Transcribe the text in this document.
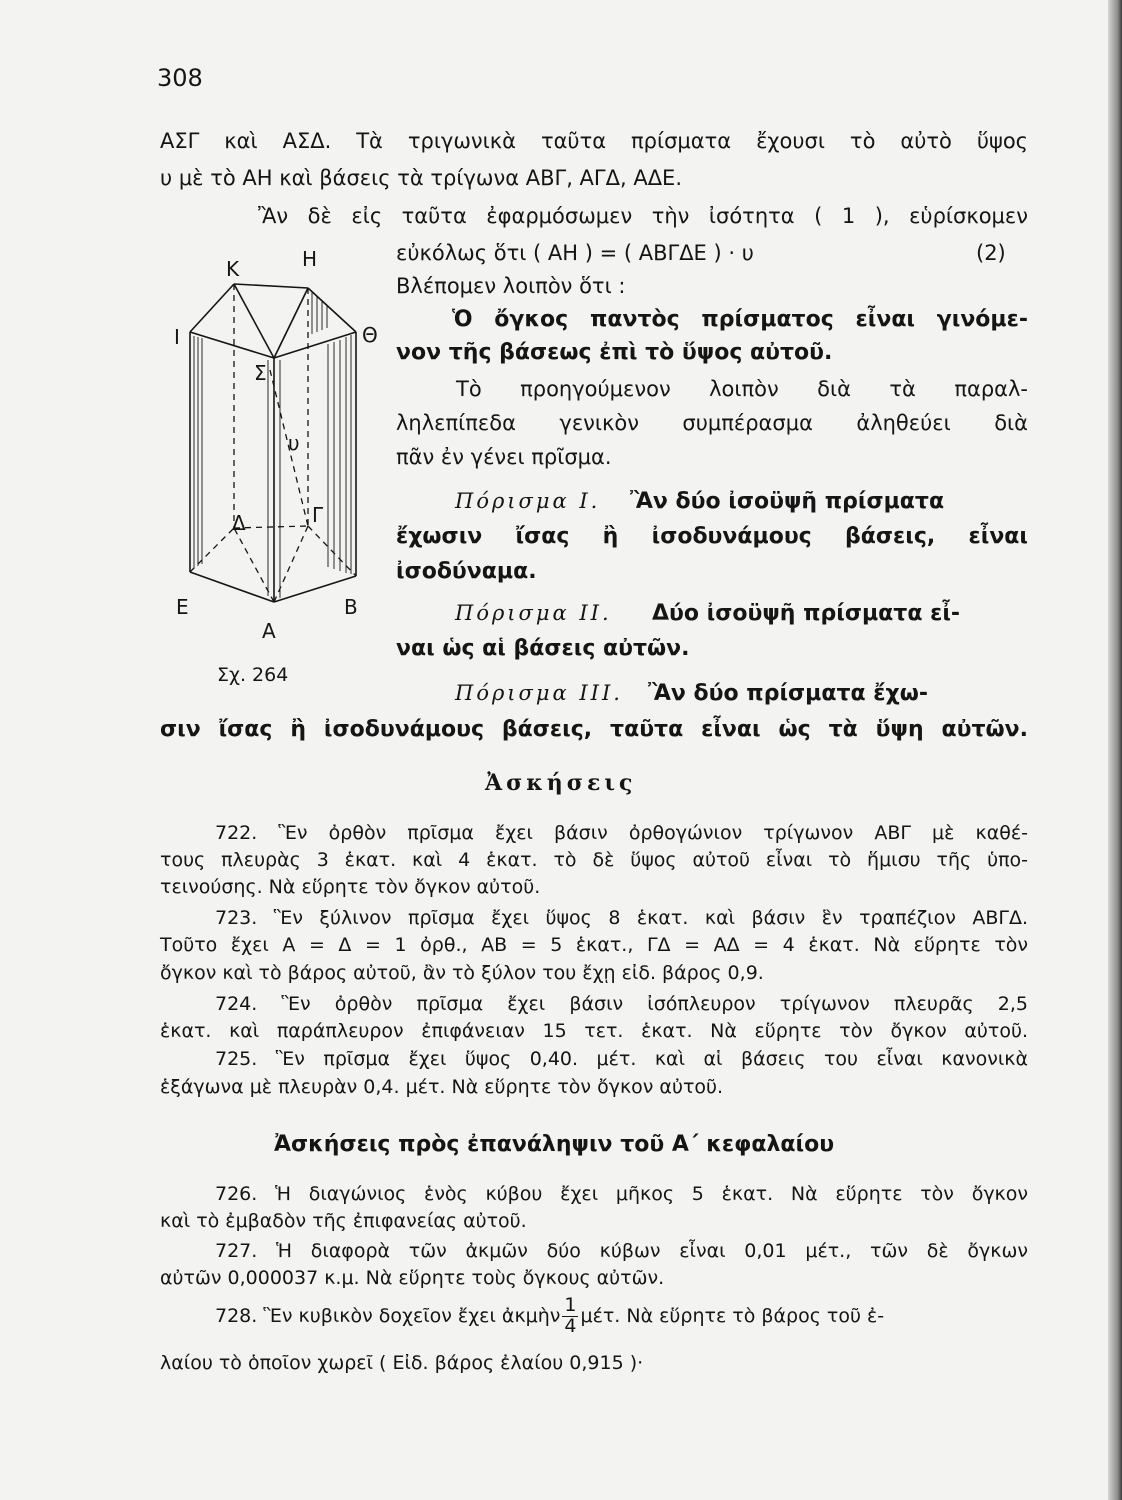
308
ΑΣΓ καὶ ΑΣΔ. Τὰ τριγωνικὰ ταῦτα πρίσματα ἔχουσι τὸ αὐτὸ ὕψος
υ μὲ τὸ ΑΗ καὶ βάσεις τὰ τρίγωνα ΑΒΓ, ΑΓΔ, ΑΔΕ.
Ἂν δὲ εἰς ταῦτα ἐφαρμόσωμεν τὴν ἰσότητα ( 1 ), εὑρίσκομεν
εὐκόλως ὅτι ( ΑΗ ) = ( ΑΒΓΔΕ ) · υ	(2)
Βλέπομεν λοιπὸν ὅτι :
Ὁ ὄγκος παντὸς πρίσματος εἶναι γινόμε-
νον τῆς βάσεως ἐπὶ τὸ ὕψος αὐτοῦ.
Τὸ προηγούμενον λοιπὸν διὰ τὰ παραλ-
ληλεπίπεδα γενικὸν συμπέρασμα ἀληθεύει διὰ
πᾶν ἐν γένει πρῖσμα.
Πόρισμα I. Ἂν δύο ἰσοϋψῆ πρίσματα
ἔχωσιν ἴσας ἢ ἰσοδυνάμους βάσεις, εἶναι
ἰσοδύναμα.
Πόρισμα II. Δύο ἰσοϋψῆ πρίσματα εἶ-
ναι ὡς αἱ βάσεις αὐτῶν.
Πόρισμα III. Ἂν δύο πρίσματα ἔχω-
σιν ἴσας ἢ ἰσοδυνάμους βάσεις, ταῦτα εἶναι ὡς τὰ ὕψη αὐτῶν.
Κ	Η
Ι	Θ
Σ
υ
Δ	Γ
Ε	Β
Α
Σχ. 264
Ἀσκήσεις
722. Ἓν ὀρθὸν πρῖσμα ἔχει βάσιν ὀρθογώνιον τρίγωνον ΑΒΓ μὲ καθέ-
τους πλευρὰς 3 ἑκατ. καὶ 4 ἑκατ. τὸ δὲ ὕψος αὐτοῦ εἶναι τὸ ἥμισυ τῆς ὑπο-
τεινούσης. Νὰ εὕρητε τὸν ὄγκον αὐτοῦ.
723. Ἓν ξύλινον πρῖσμα ἔχει ὕψος 8 ἑκατ. καὶ βάσιν ἓν τραπέζιον ΑΒΓΔ.
Τοῦτο ἔχει Α = Δ = 1 ὀρθ., ΑΒ = 5 ἑκατ., ΓΔ = ΑΔ = 4 ἑκατ. Νὰ εὕρητε τὸν
ὄγκον καὶ τὸ βάρος αὐτοῦ, ἂν τὸ ξύλον του ἔχῃ εἰδ. βάρος 0,9.
724. Ἓν ὀρθὸν πρῖσμα ἔχει βάσιν ἰσόπλευρον τρίγωνον πλευρᾶς 2,5
ἑκατ. καὶ παράπλευρον ἐπιφάνειαν 15 τετ. ἑκατ. Νὰ εὕρητε τὸν ὄγκον αὐτοῦ.
725. Ἓν πρῖσμα ἔχει ὕψος 0,40. μέτ. καὶ αἱ βάσεις του εἶναι κανονικὰ
ἑξάγωνα μὲ πλευρὰν 0,4. μέτ. Νὰ εὕρητε τὸν ὄγκον αὐτοῦ.
Ἀσκήσεις πρὸς ἐπανάληψιν τοῦ Α΄ κεφαλαίου
726. Ἡ διαγώνιος ἑνὸς κύβου ἔχει μῆκος 5 ἑκατ. Νὰ εὕρητε τὸν ὄγκον
καὶ τὸ ἐμβαδὸν τῆς ἐπιφανείας αὐτοῦ.
727. Ἡ διαφορὰ τῶν ἀκμῶν δύο κύβων εἶναι 0,01 μέτ., τῶν δὲ ὄγκων
αὐτῶν 0,000037 κ.μ. Νὰ εὕρητε τοὺς ὄγκους αὐτῶν.
728. Ἓν κυβικὸν δοχεῖον ἔχει ἀκμὴν $\frac{1}{4} \mu έ\tau$. Νὰ εὕρητε τὸ βάρος τοῦ ἐ-
λαίου τὸ ὁποῖον χωρεῖ ( Εἰδ. βάρος ἐλαίου 0,915 )·
